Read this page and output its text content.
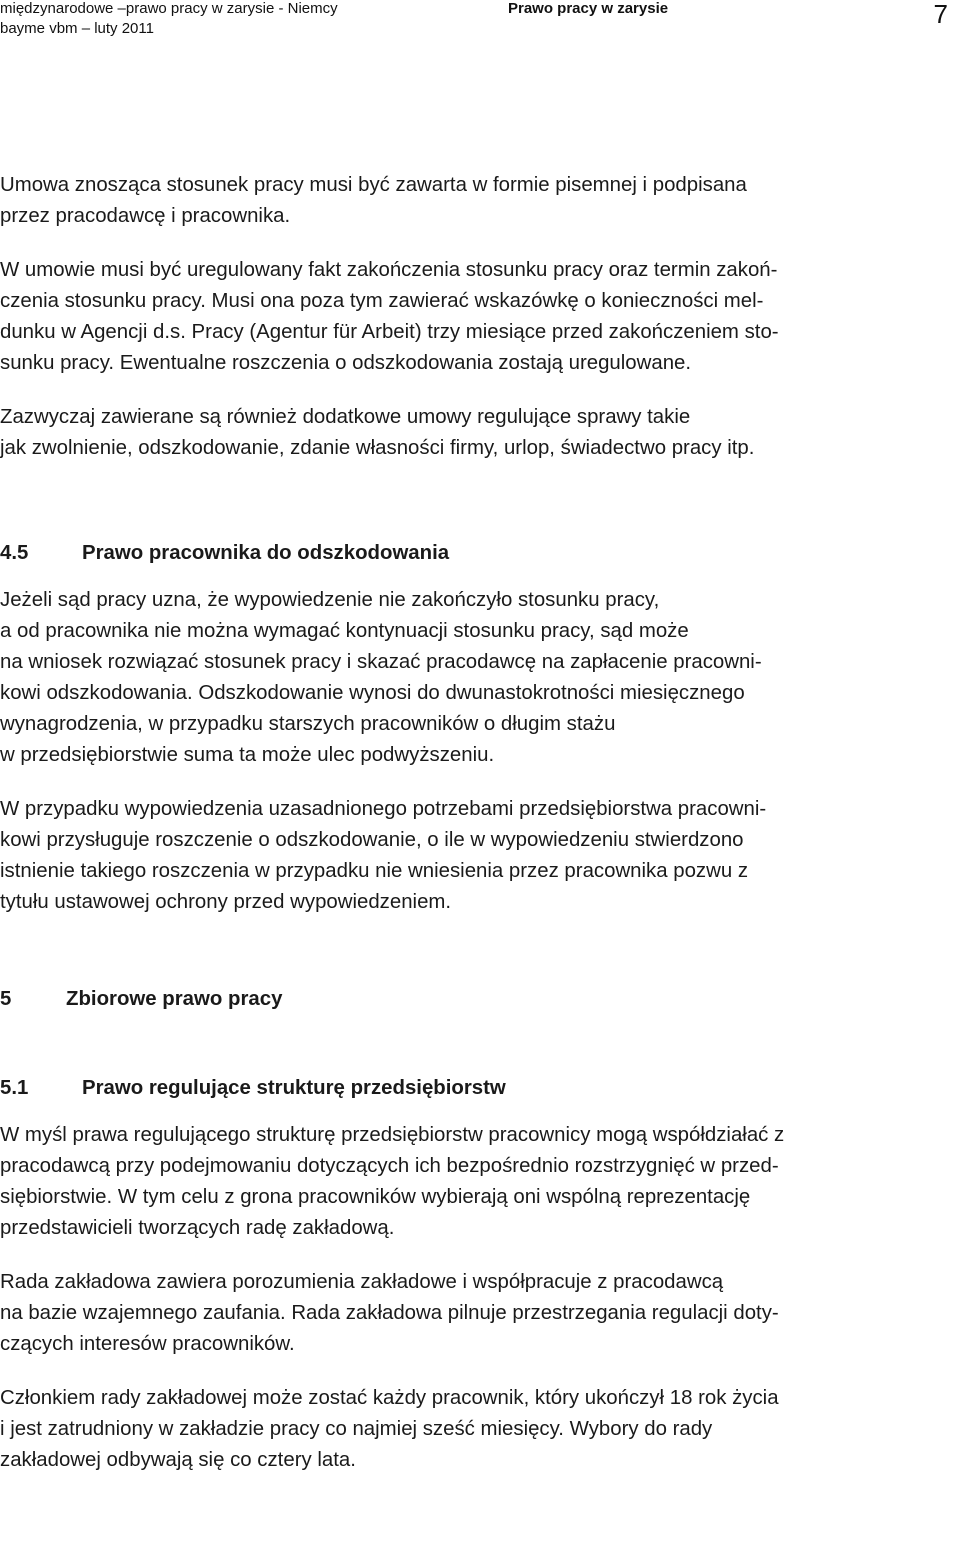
międzynarodowe –prawo pracy w zarysie - Niemcy
bayme vbm – luty 2011
Prawo pracy w zarysie	7

Umowa znosząca stosunek pracy musi być zawarta w formie pisemnej i podpisana
przez pracodawcę i pracownika.

W umowie musi być uregulowany fakt zakończenia stosunku pracy oraz termin zakoń-
czenia stosunku pracy. Musi ona poza tym zawierać wskazówkę o konieczności mel-
dunku w Agencji d.s. Pracy (Agentur für Arbeit) trzy miesiące przed zakończeniem sto-
sunku pracy. Ewentualne roszczenia o odszkodowania zostają uregulowane.

Zazwyczaj zawierane są również dodatkowe umowy regulujące sprawy takie
jak zwolnienie, odszkodowanie, zdanie własności firmy, urlop, świadectwo pracy itp.

4.5	Prawo pracownika do odszkodowania

Jeżeli sąd pracy uzna, że wypowiedzenie nie zakończyło stosunku pracy,
a od pracownika nie można wymagać kontynuacji stosunku pracy, sąd może
na wniosek rozwiązać stosunek pracy i skazać pracodawcę na zapłacenie pracowni-
kowi odszkodowania. Odszkodowanie wynosi do dwunastokrotności miesięcznego
wynagrodzenia, w przypadku starszych pracowników o długim stażu
w przedsiębiorstwie suma ta może ulec podwyższeniu.

W przypadku wypowiedzenia uzasadnionego potrzebami przedsiębiorstwa pracowni-
kowi przysługuje roszczenie o odszkodowanie, o ile w wypowiedzeniu stwierdzono
istnienie takiego roszczenia w przypadku nie wniesienia przez pracownika pozwu z
tytułu ustawowej ochrony przed wypowiedzeniem.

5	Zbiorowe prawo pracy
5.1	Prawo regulujące strukturę przedsiębiorstw

W myśl prawa regulującego strukturę przedsiębiorstw pracownicy mogą współdziałać z
pracodawcą przy podejmowaniu dotyczących ich bezpośrednio rozstrzygnięć w przed-
siębiorstwie. W tym celu z grona pracowników wybierają oni wspólną reprezentację
przedstawicieli tworzących radę zakładową.

Rada zakładowa zawiera porozumienia zakładowe i współpracuje z pracodawcą
na bazie wzajemnego zaufania. Rada zakładowa pilnuje przestrzegania regulacji doty-
czących interesów pracowników.

Członkiem rady zakładowej może zostać każdy pracownik, który ukończył 18 rok życia
i jest zatrudniony w zakładzie pracy co najmiej sześć miesięcy. Wybory do rady
zakładowej odbywają się co cztery lata.
